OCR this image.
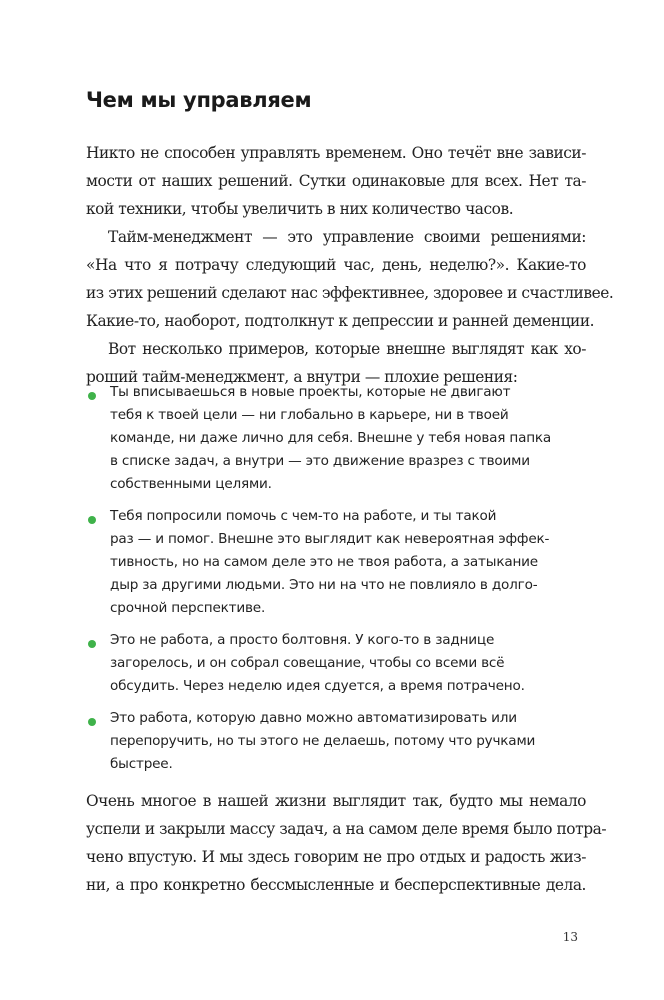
Чем мы управляем
Никто не способен управлять временем. Оно течёт вне зависи-
мости от наших решений. Сутки одинаковые для всех. Нет та-
кой техники, чтобы увеличить в них количество часов.
Тайм-менеджмент — это управление своими решениями:
«На что я потрачу следующий час, день, неделю?». Какие-то
из этих решений сделают нас эффективнее, здоровее и счастливее.
Какие-то, наоборот, подтолкнут к депрессии и ранней деменции.
Вот несколько примеров, которые внешне выглядят как хо-
роший тайм-менеджмент, а внутри — плохие решения:
Ты вписываешься в новые проекты, которые не двигают
тебя к твоей цели — ни глобально в карьере, ни в твоей
команде, ни даже лично для себя. Внешне у тебя новая папка
в списке задач, а внутри — это движение вразрез с твоими
собственными целями.
Тебя попросили помочь с чем-то на работе, и ты такой
раз — и помог. Внешне это выглядит как невероятная эффек-
тивность, но на самом деле это не твоя работа, а затыкание
дыр за другими людьми. Это ни на что не повлияло в долго-
срочной перспективе.
Это не работа, а просто болтовня. У кого-то в заднице
загорелось, и он собрал совещание, чтобы со всеми всё
обсудить. Через неделю идея сдуется, а время потрачено.
Это работа, которую давно можно автоматизировать или
перепоручить, но ты этого не делаешь, потому что ручками
быстрее.
Очень многое в нашей жизни выглядит так, будто мы немало
успели и закрыли массу задач, а на самом деле время было потра-
чено впустую. И мы здесь говорим не про отдых и радость жиз-
ни, а про конкретно бессмысленные и бесперспективные дела.
13
